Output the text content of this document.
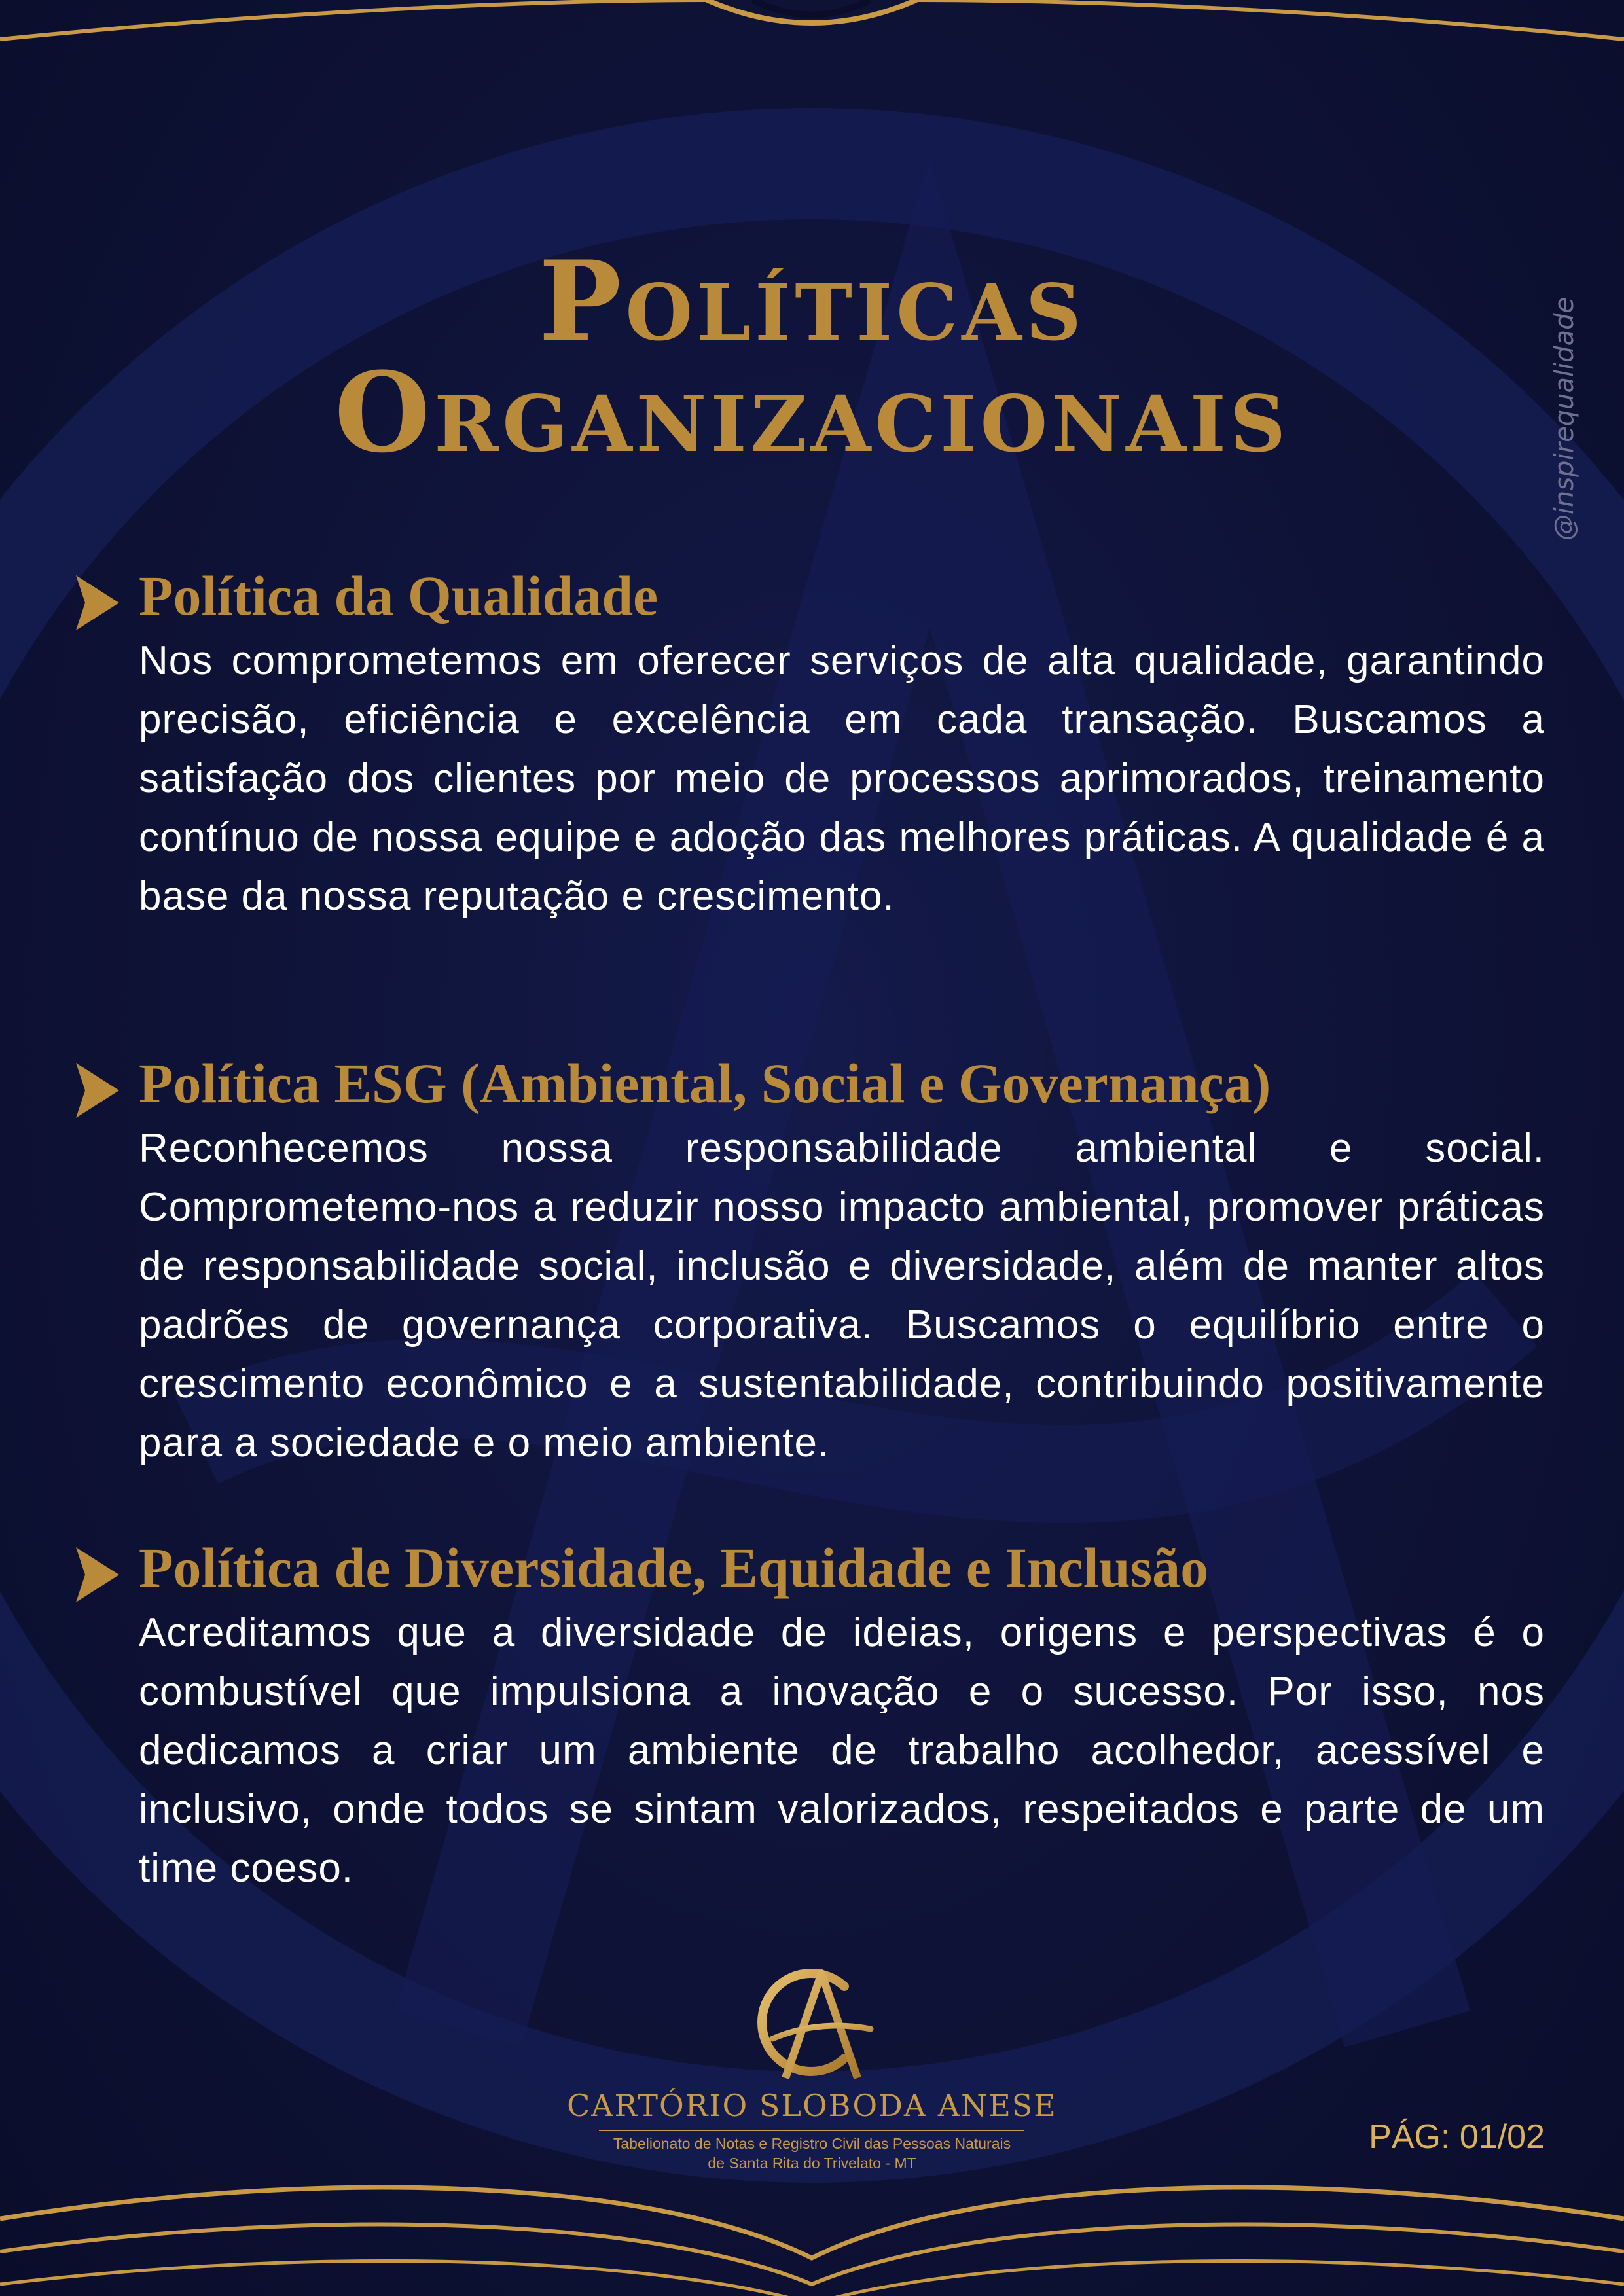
@inspirequalidade
Políticas
Organizacionais
Política da Qualidade

Nos comprometemos em oferecer serviços de alta qualidade, garantindo precisão, eficiência e excelência em cada transação. Buscamos a satisfação dos clientes por meio de processos aprimorados, treinamento contínuo de nossa equipe e adoção das melhores práticas. A qualidade é a base da nossa reputação e crescimento.

Política ESG (Ambiental, Social e Governança)

Reconhecemos nossa responsabilidade ambiental e social. Comprometemo-nos a reduzir nosso impacto ambiental, promover práticas de responsabilidade social, inclusão e diversidade, além de manter altos padrões de governança corporativa. Buscamos o equilíbrio entre o crescimento econômico e a sustentabilidade, contribuindo positivamente para a sociedade e o meio ambiente.

Política de Diversidade, Equidade e Inclusão

Acreditamos que a diversidade de ideias, origens e perspectivas é o combustível que impulsiona a inovação e o sucesso. Por isso, nos dedicamos a criar um ambiente de trabalho acolhedor, acessível e inclusivo, onde todos se sintam valorizados, respeitados e parte de um time coeso.

CARTÓRIO SLOBODA ANESE
Tabelionato de Notas e Registro Civil das Pessoas Naturais
de Santa Rita do Trivelato - MT
PÁG: 01/02
